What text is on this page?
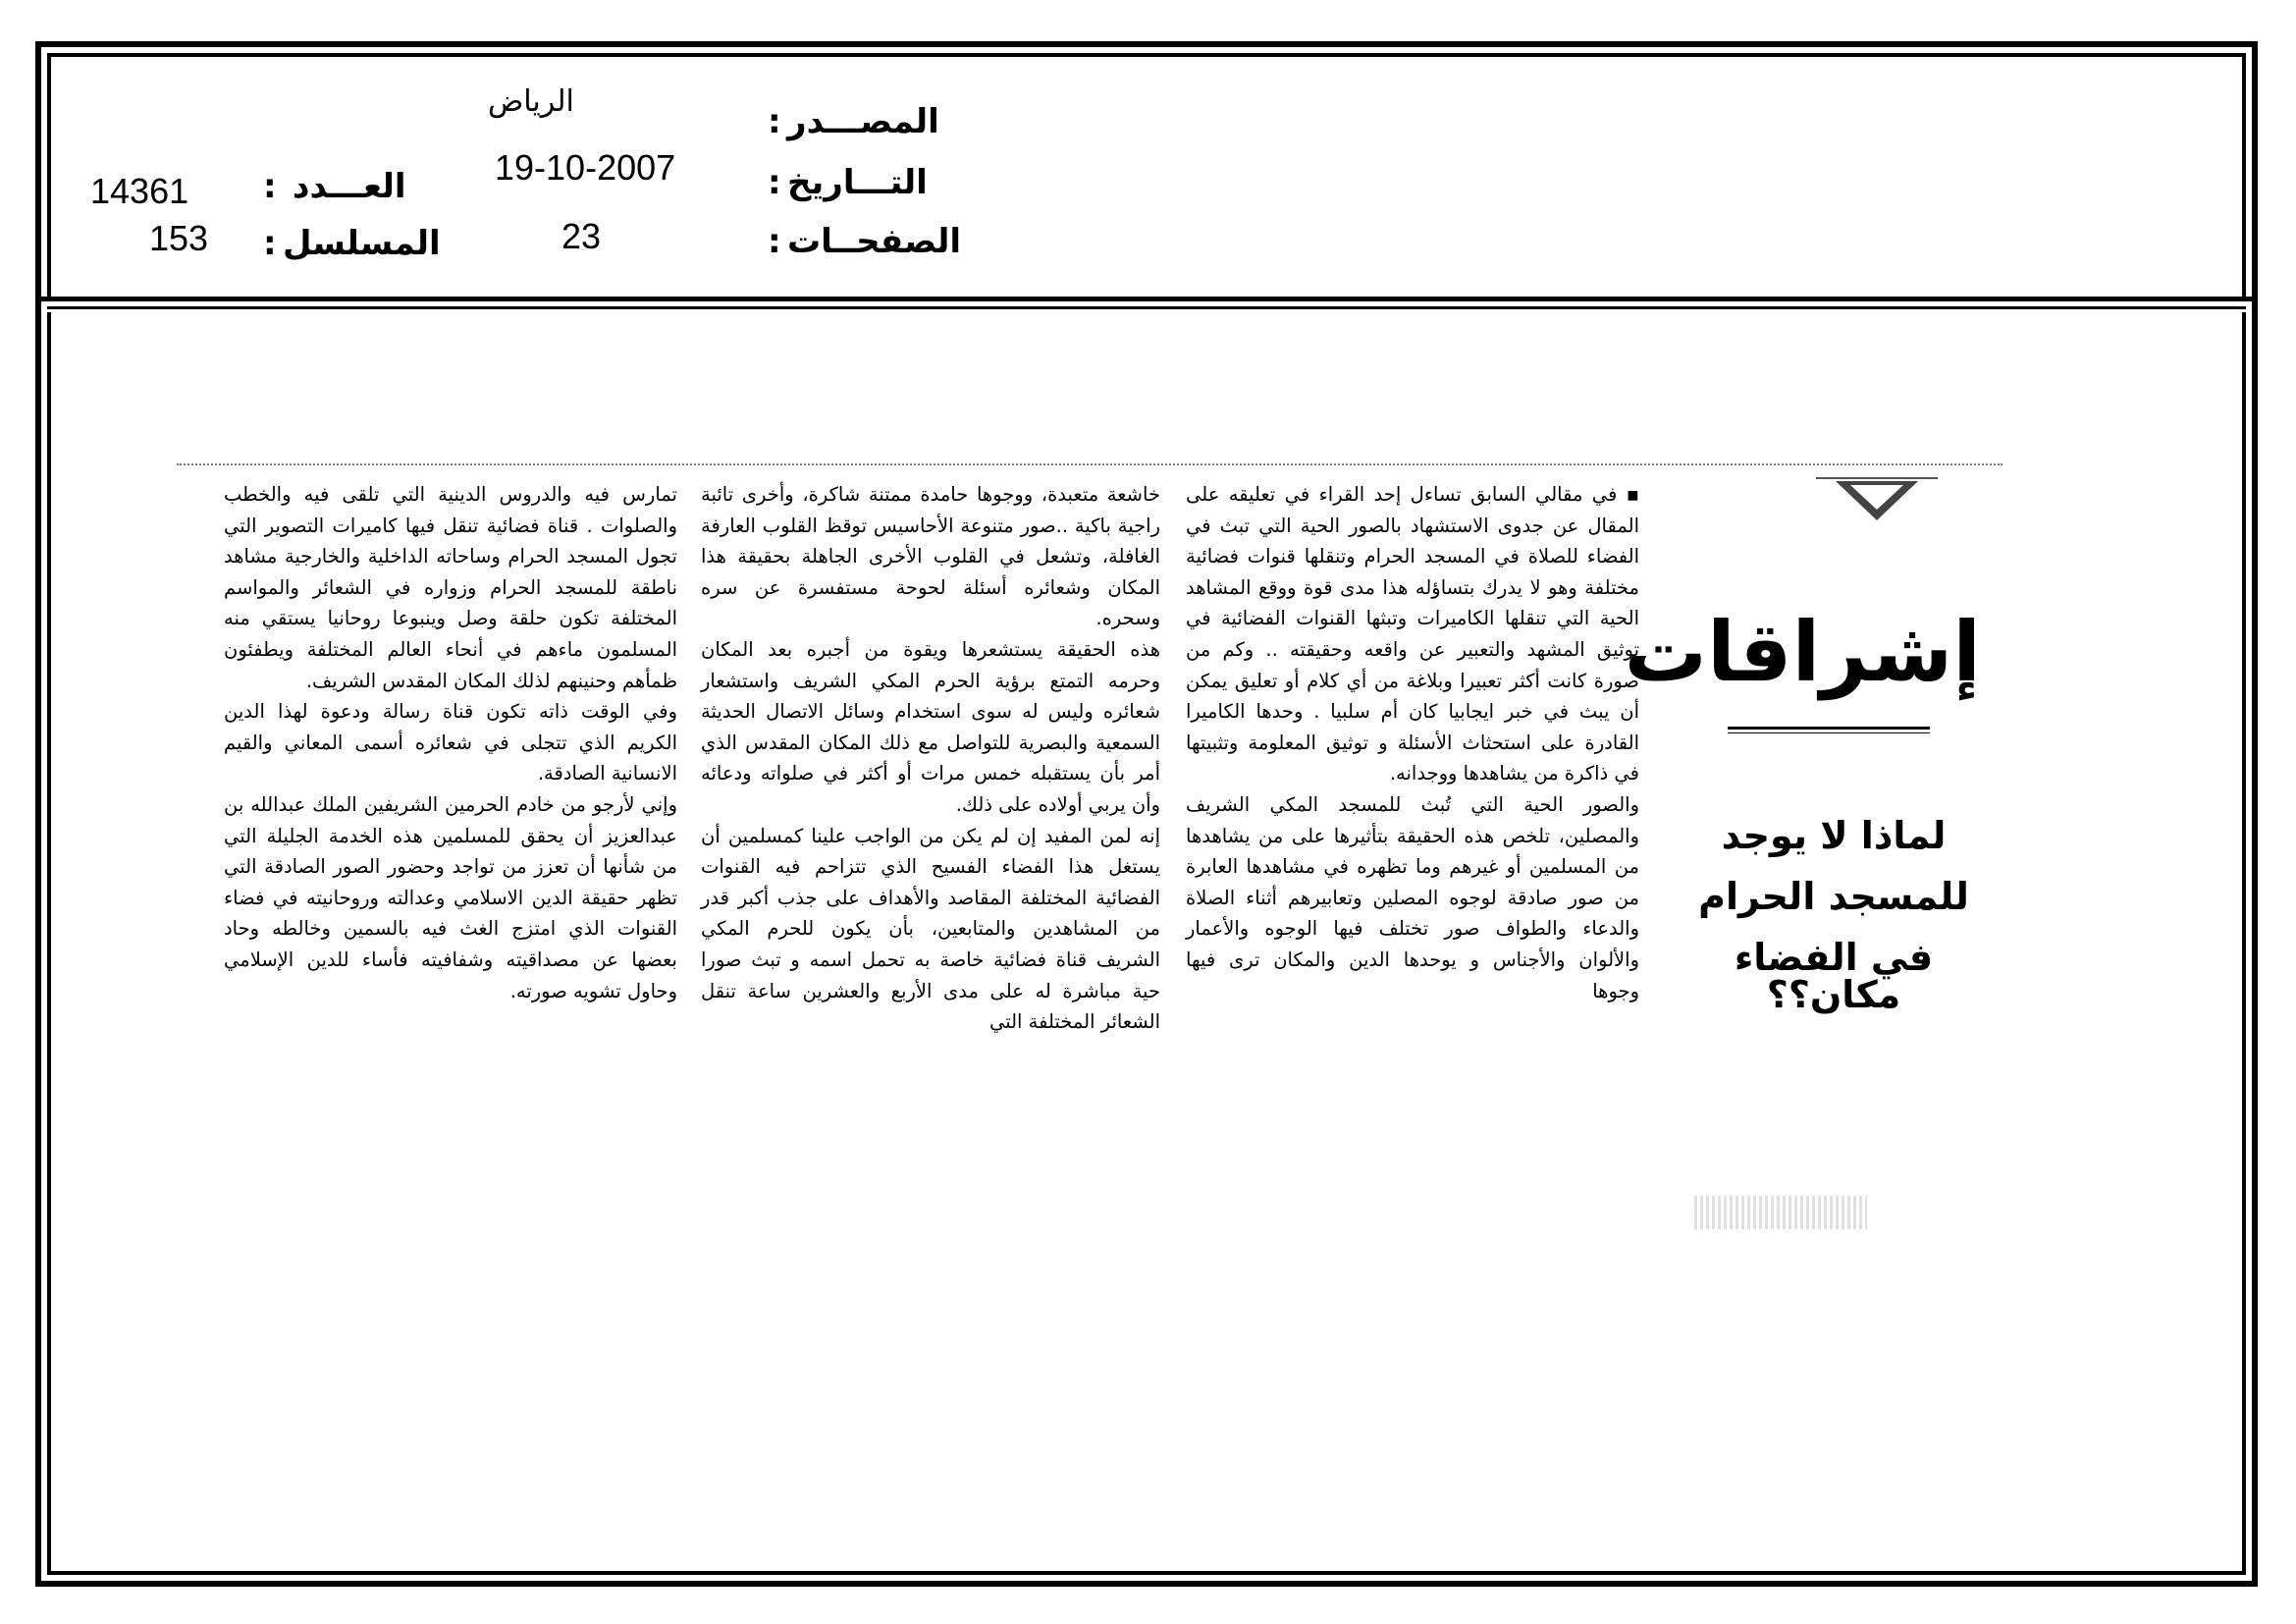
المصـــدر
:
الرياض
التـــاريخ
:
19-10-2007
الصفحــات
:
23
العـــدد
:
14361
المسلسل
:
153
إشراقات
لماذا لا يوجد
للمسجد الحرام
في الفضاء مكان؟؟

▪ في مقالي السابق تساءل إحد القراء في تعليقه على المقال عن جدوى الاستشهاد بالصور الحية التي تبث في الفضاء للصلاة في المسجد الحرام وتنقلها قنوات فضائية مختلفة وهو لا يدرك بتساؤله هذا مدى قوة ووقع المشاهد الحية التي تنقلها الكاميرات وتبثها القنوات الفضائية في توثيق المشهد والتعبير عن واقعه وحقيقته .. وكم من صورة كانت أكثر تعبيرا وبلاغة من أي كلام أو تعليق يمكن أن يبث في خبر ايجابيا كان أم سلبيا . وحدها الكاميرا القادرة على استحثاث الأسئلة و توثيق المعلومة وتثبيتها في ذاكرة من يشاهدها ووجدانه.

والصور الحية التي تُبث للمسجد المكي الشريف والمصلين، تلخص هذه الحقيقة بتأثيرها على من يشاهدها من المسلمين أو غيرهم وما تظهره في مشاهدها العابرة من صور صادقة لوجوه المصلين وتعابيرهم أثناء الصلاة والدعاء والطواف صور تختلف فيها الوجوه والأعمار والألوان والأجناس و يوحدها الدين والمكان ترى فيها وجوها

خاشعة متعبدة، ووجوها حامدة ممتنة شاكرة، وأخرى تائبة راجية باكية ..صور متنوعة الأحاسيس توقظ القلوب العارفة الغافلة، وتشعل في القلوب الأخرى الجاهلة بحقيقة هذا المكان وشعائره أسئلة لحوحة مستفسرة عن سره وسحره.

هذه الحقيقة يستشعرها ويقوة من أجبره بعد المكان وحرمه التمتع برؤية الحرم المكي الشريف واستشعار شعائره وليس له سوى استخدام وسائل الاتصال الحديثة السمعية والبصرية للتواصل مع ذلك المكان المقدس الذي أمر بأن يستقبله خمس مرات أو أكثر في صلواته ودعائه وأن يربي أولاده على ذلك.

إنه لمن المفيد إن لم يكن من الواجب علينا كمسلمين أن يستغل هذا الفضاء الفسيح الذي تتزاحم فيه القنوات الفضائية المختلفة المقاصد والأهداف على جذب أكبر قدر من المشاهدين والمتابعين، بأن يكون للحرم المكي الشريف قناة فضائية خاصة به تحمل اسمه و تبث صورا حية مباشرة له على مدى الأربع والعشرين ساعة تنقل الشعائر المختلفة التي

تمارس فيه والدروس الدينية التي تلقى فيه والخطب والصلوات . قناة فضائية تنقل فيها كاميرات التصوير التي تجول المسجد الحرام وساحاته الداخلية والخارجية مشاهد ناطقة للمسجد الحرام وزواره في الشعائر والمواسم المختلفة تكون حلقة وصل وينبوعا روحانيا يستقي منه المسلمون ماءهم في أنحاء العالم المختلفة ويطفئون ظمأهم وحنينهم لذلك المكان المقدس الشريف.

وفي الوقت ذاته تكون قناة رسالة ودعوة لهذا الدين الكريم الذي تتجلى في شعائره أسمى المعاني والقيم الانسانية الصادقة.

وإني لأرجو من خادم الحرمين الشريفين الملك عبدالله بن عبدالعزيز أن يحقق للمسلمين هذه الخدمة الجليلة التي من شأنها أن تعزز من تواجد وحضور الصور الصادقة التي تظهر حقيقة الدين الاسلامي وعدالته وروحانيته في فضاء القنوات الذي امتزج الغث فيه بالسمين وخالطه وحاد بعضها عن مصداقيته وشفافيته فأساء للدين الإسلامي وحاول تشويه صورته.
